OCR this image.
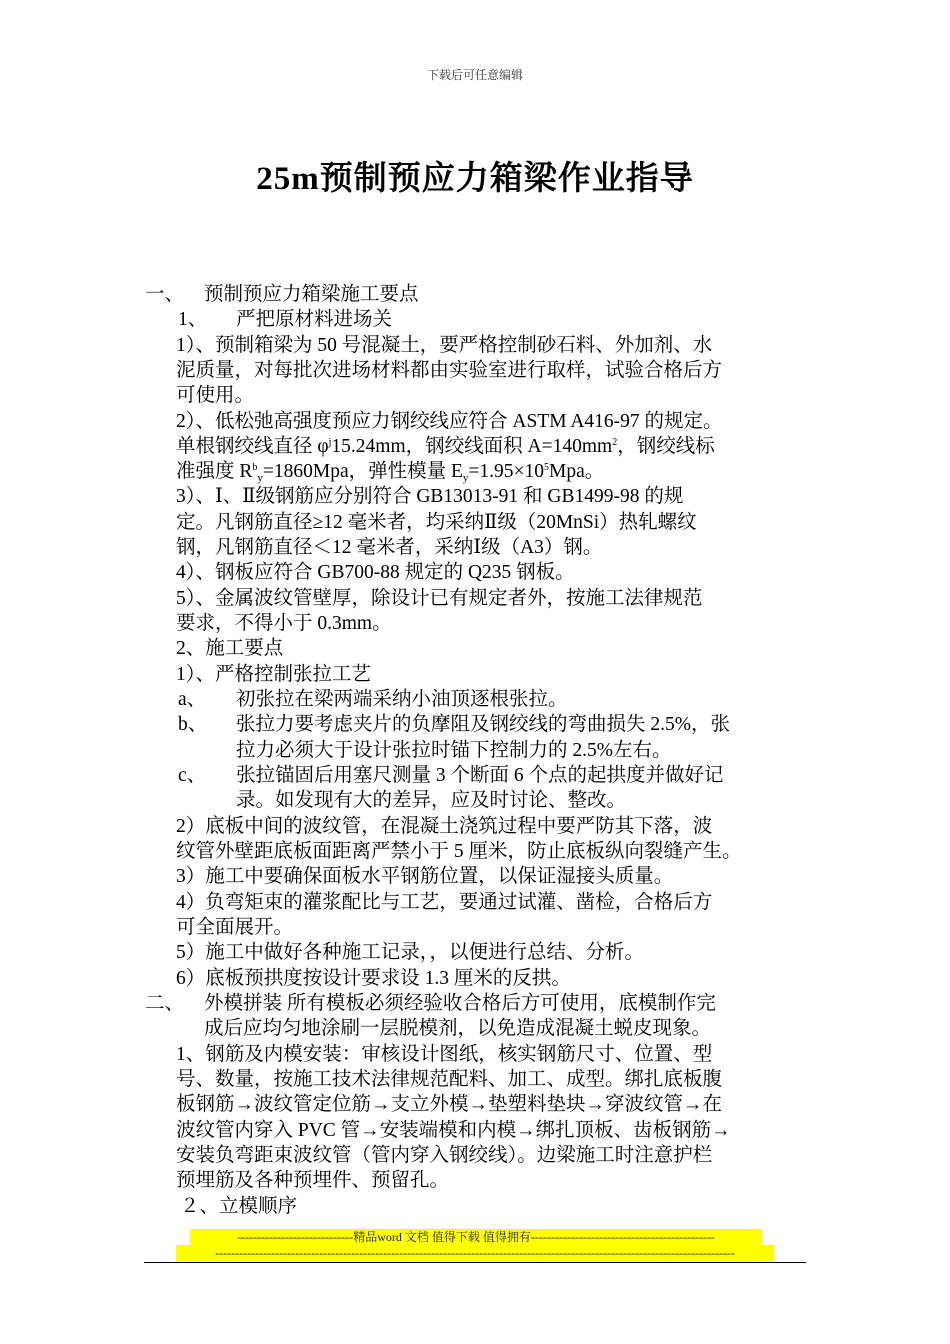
下载后可任意编辑
25m预制预应力箱梁作业指导
一、 预制预应力箱梁施工要点
1、 严把原材料进场关
1）、预制箱梁为 50 号混凝土，要严格控制砂石料、外加剂、水
泥质量，对每批次进场材料都由实验室进行取样，试验合格后方
可使用。
2）、低松弛高强度预应力钢绞线应符合 ASTM A416-97 的规定。
单根钢绞线直径 $\varphi^j15.24mm$，钢绞线面积 $A=140mm^2$，钢绞线标
准强度 $R^b_y=1860Mpa$，弹性模量 $E_y=1.95\times 10^5Mpa$。
3）、Ⅰ、Ⅱ级钢筋应分别符合 GB13013-91 和 GB1499-98 的规
定。凡钢筋直径≥12 毫米者，均采纳Ⅱ级（20MnSi）热轧螺纹
钢，凡钢筋直径＜12 毫米者，采纳Ⅰ级（A3）钢。
4）、钢板应符合 GB700-88 规定的 Q235 钢板。
5）、金属波纹管壁厚，除设计已有规定者外，按施工法律规范
要求，不得小于 0.3mm。
2、施工要点
1）、严格控制张拉工艺
a、 初张拉在梁两端采纳小油顶逐根张拉。
b、 张拉力要考虑夹片的负摩阻及钢绞线的弯曲损失 2.5%，张
拉力必须大于设计张拉时锚下控制力的 2.5%左右。
c、 张拉锚固后用塞尺测量 3 个断面 6 个点的起拱度并做好记
录。如发现有大的差异，应及时讨论、整改。
2）底板中间的波纹管，在混凝土浇筑过程中要严防其下落，波
纹管外壁距底板面距离严禁小于 5 厘米，防止底板纵向裂缝产生。
3）施工中要确保面板水平钢筋位置，以保证湿接头质量。
4）负弯矩束的灌浆配比与工艺，要通过试灌、凿检，合格后方
可全面展开。
5）施工中做好各种施工记录，，以便进行总结、分析。
6）底板预拱度按设计要求设 1.3 厘米的反拱。
二、 外模拼装 所有模板必须经验收合格后方可使用，底模制作完
成后应均匀地涂刷一层脱模剂，以免造成混凝土蜕皮现象。
1、钢筋及内模安装：审核设计图纸，核实钢筋尺寸、位置、型
号、数量，按施工技术法律规范配料、加工、成型。绑扎底板腹
板钢筋→波纹管定位筋→支立外模→垫塑料垫块→穿波纹管→在
波纹管内穿入 PVC 管→安装端模和内模→绑扎顶板、齿板钢筋→
安装负弯距束波纹管（管内穿入钢绞线）。边梁施工时注意护栏
预埋筋及各种预埋件、预留孔。
２、立模顺序
-----------------------------精品word 文档 值得下载 值得拥有----------------------------------------------
----------------------------------------------------------------------------------------------------------------------------------
